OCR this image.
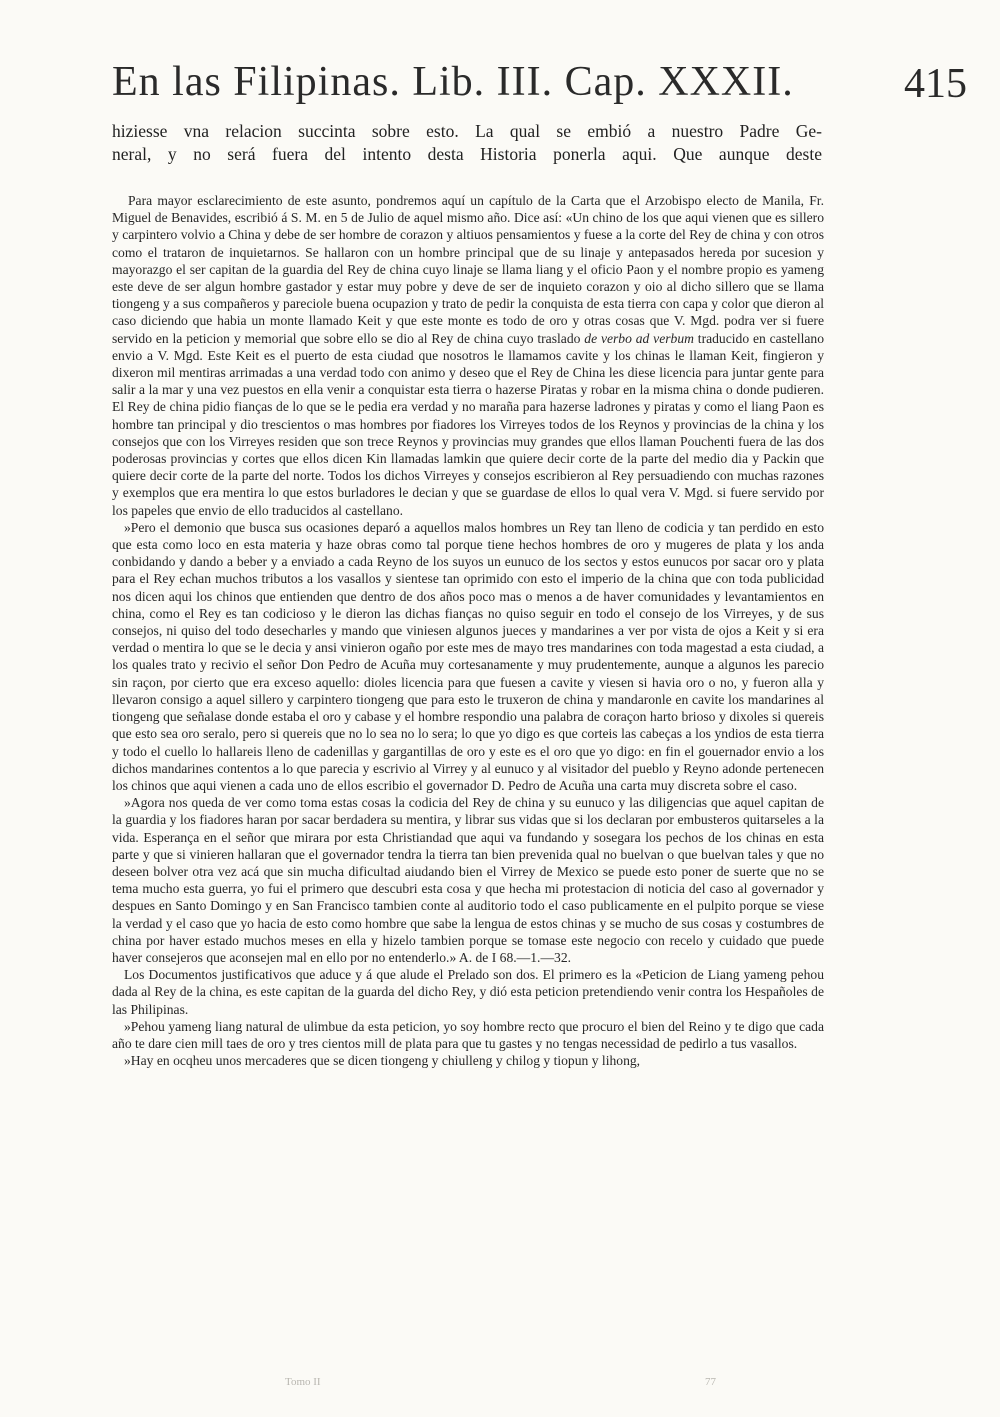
En las Filipinas. Lib. III. Cap. XXXII.	415

hiziesse vna relacion succinta sobre esto. La qual se embió a nuestro Padre Ge-

neral, y no será fuera del intento desta Historia ponerla aqui. Que aunque deste

Para mayor esclarecimiento de este asunto, pondremos aquí un capítulo de la Carta que el Arzobispo electo de Manila, Fr. Miguel de Benavides, escribió á S. M. en 5 de Julio de aquel mismo año. Dice así: «Un chino de los que aqui vienen que es sillero y carpintero volvio a China y debe de ser hombre de corazon y altiuos pensamientos y fuese a la corte del Rey de china y con otros como el trataron de inquietarnos. Se hallaron con un hombre principal que de su linaje y antepasados hereda por sucesion y mayorazgo el ser capitan de la guardia del Rey de china cuyo linaje se llama liang y el oficio Paon y el nombre propio es yameng este deve de ser algun hombre gastador y estar muy pobre y deve de ser de inquieto corazon y oio al dicho sillero que se llama tiongeng y a sus compañeros y pareciole buena ocupazion y trato de pedir la conquista de esta tierra con capa y color que dieron al caso diciendo que habia un monte llamado Keit y que este monte es todo de oro y otras cosas que V. Mgd. podra ver si fuere servido en la peticion y memorial que sobre ello se dio al Rey de china cuyo traslado de verbo ad verbum traducido en castellano envio a V. Mgd. Este Keit es el puerto de esta ciudad que nosotros le llamamos cavite y los chinas le llaman Keit, fingieron y dixeron mil mentiras arrimadas a una verdad todo con animo y deseo que el Rey de China les diese licencia para juntar gente para salir a la mar y una vez puestos en ella venir a conquistar esta tierra o hazerse Piratas y robar en la misma china o donde pudieren. El Rey de china pidio fianças de lo que se le pedia era verdad y no maraña para hazerse ladrones y piratas y como el liang Paon es hombre tan principal y dio trescientos o mas hombres por fiadores los Virreyes todos de los Reynos y provincias de la china y los consejos que con los Virreyes residen que son trece Reynos y provincias muy grandes que ellos llaman Pouchenti fuera de las dos poderosas provincias y cortes que ellos dicen Kin llamadas lamkin que quiere decir corte de la parte del medio dia y Packin que quiere decir corte de la parte del norte. Todos los dichos Virreyes y consejos escribieron al Rey persuadiendo con muchas razones y exemplos que era mentira lo que estos burladores le decian y que se guardase de ellos lo qual vera V. Mgd. si fuere servido por los papeles que envio de ello traducidos al castellano.

»Pero el demonio que busca sus ocasiones deparó a aquellos malos hombres un Rey tan lleno de codicia y tan perdido en esto que esta como loco en esta materia y haze obras como tal porque tiene hechos hombres de oro y mugeres de plata y los anda conbidando y dando a beber y a enviado a cada Reyno de los suyos un eunuco de los sectos y estos eunucos por sacar oro y plata para el Rey echan muchos tributos a los vasallos y sientese tan oprimido con esto el imperio de la china que con toda publicidad nos dicen aqui los chinos que entienden que dentro de dos años poco mas o menos a de haver comunidades y levantamientos en china, como el Rey es tan codicioso y le dieron las dichas fianças no quiso seguir en todo el consejo de los Virreyes, y de sus consejos, ni quiso del todo desecharles y mando que viniesen algunos jueces y mandarines a ver por vista de ojos a Keit y si era verdad o mentira lo que se le decia y ansi vinieron ogaño por este mes de mayo tres mandarines con toda magestad a esta ciudad, a los quales trato y recivio el señor Don Pedro de Acuña muy cortesanamente y muy prudentemente, aunque a algunos les parecio sin raçon, por cierto que era exceso aquello: dioles licencia para que fuesen a cavite y viesen si havia oro o no, y fueron alla y llevaron consigo a aquel sillero y carpintero tiongeng que para esto le truxeron de china y mandaronle en cavite los mandarines al tiongeng que señalase donde estaba el oro y cabase y el hombre respondio una palabra de coraçon harto brioso y dixoles si quereis que esto sea oro seralo, pero si quereis que no lo sea no lo sera; lo que yo digo es que corteis las cabeças a los yndios de esta tierra y todo el cuello lo hallareis lleno de cadenillas y gargantillas de oro y este es el oro que yo digo: en fin el gouernador envio a los dichos mandarines contentos a lo que parecia y escrivio al Virrey y al eunuco y al visitador del pueblo y Reyno adonde pertenecen los chinos que aqui vienen a cada uno de ellos escribio el governador D. Pedro de Acuña una carta muy discreta sobre el caso.

»Agora nos queda de ver como toma estas cosas la codicia del Rey de china y su eunuco y las diligencias que aquel capitan de la guardia y los fiadores haran por sacar berdadera su mentira, y librar sus vidas que si los declaran por embusteros quitarseles a la vida. Esperança en el señor que mirara por esta Christiandad que aqui va fundando y sosegara los pechos de los chinas en esta parte y que si vinieren hallaran que el governador tendra la tierra tan bien prevenida qual no buelvan o que buelvan tales y que no deseen bolver otra vez acá que sin mucha dificultad aiudando bien el Virrey de Mexico se puede esto poner de suerte que no se tema mucho esta guerra, yo fui el primero que descubri esta cosa y que hecha mi protestacion di noticia del caso al governador y despues en Santo Domingo y en San Francisco tambien conte al auditorio todo el caso publicamente en el pulpito porque se viese la verdad y el caso que yo hacia de esto como hombre que sabe la lengua de estos chinas y se mucho de sus cosas y costumbres de china por haver estado muchos meses en ella y hizelo tambien porque se tomase este negocio con recelo y cuidado que puede haver consejeros que aconsejen mal en ello por no entenderlo.» A. de I 68.—1.—32.

Los Documentos justificativos que aduce y á que alude el Prelado son dos. El primero es la «Peticion de Liang yameng pehou dada al Rey de la china, es este capitan de la guarda del dicho Rey, y dió esta peticion pretendiendo venir contra los Hespañoles de las Philipinas.

»Pehou yameng liang natural de ulimbue da esta peticion, yo soy hombre recto que procuro el bien del Reino y te digo que cada año te dare cien mill taes de oro y tres cientos mill de plata para que tu gastes y no tengas necessidad de pedirlo a tus vasallos.

»Hay en ocqheu unos mercaderes que se dicen tiongeng y chiulleng y chilog y tiopun y lihong,

Tomo II	77
